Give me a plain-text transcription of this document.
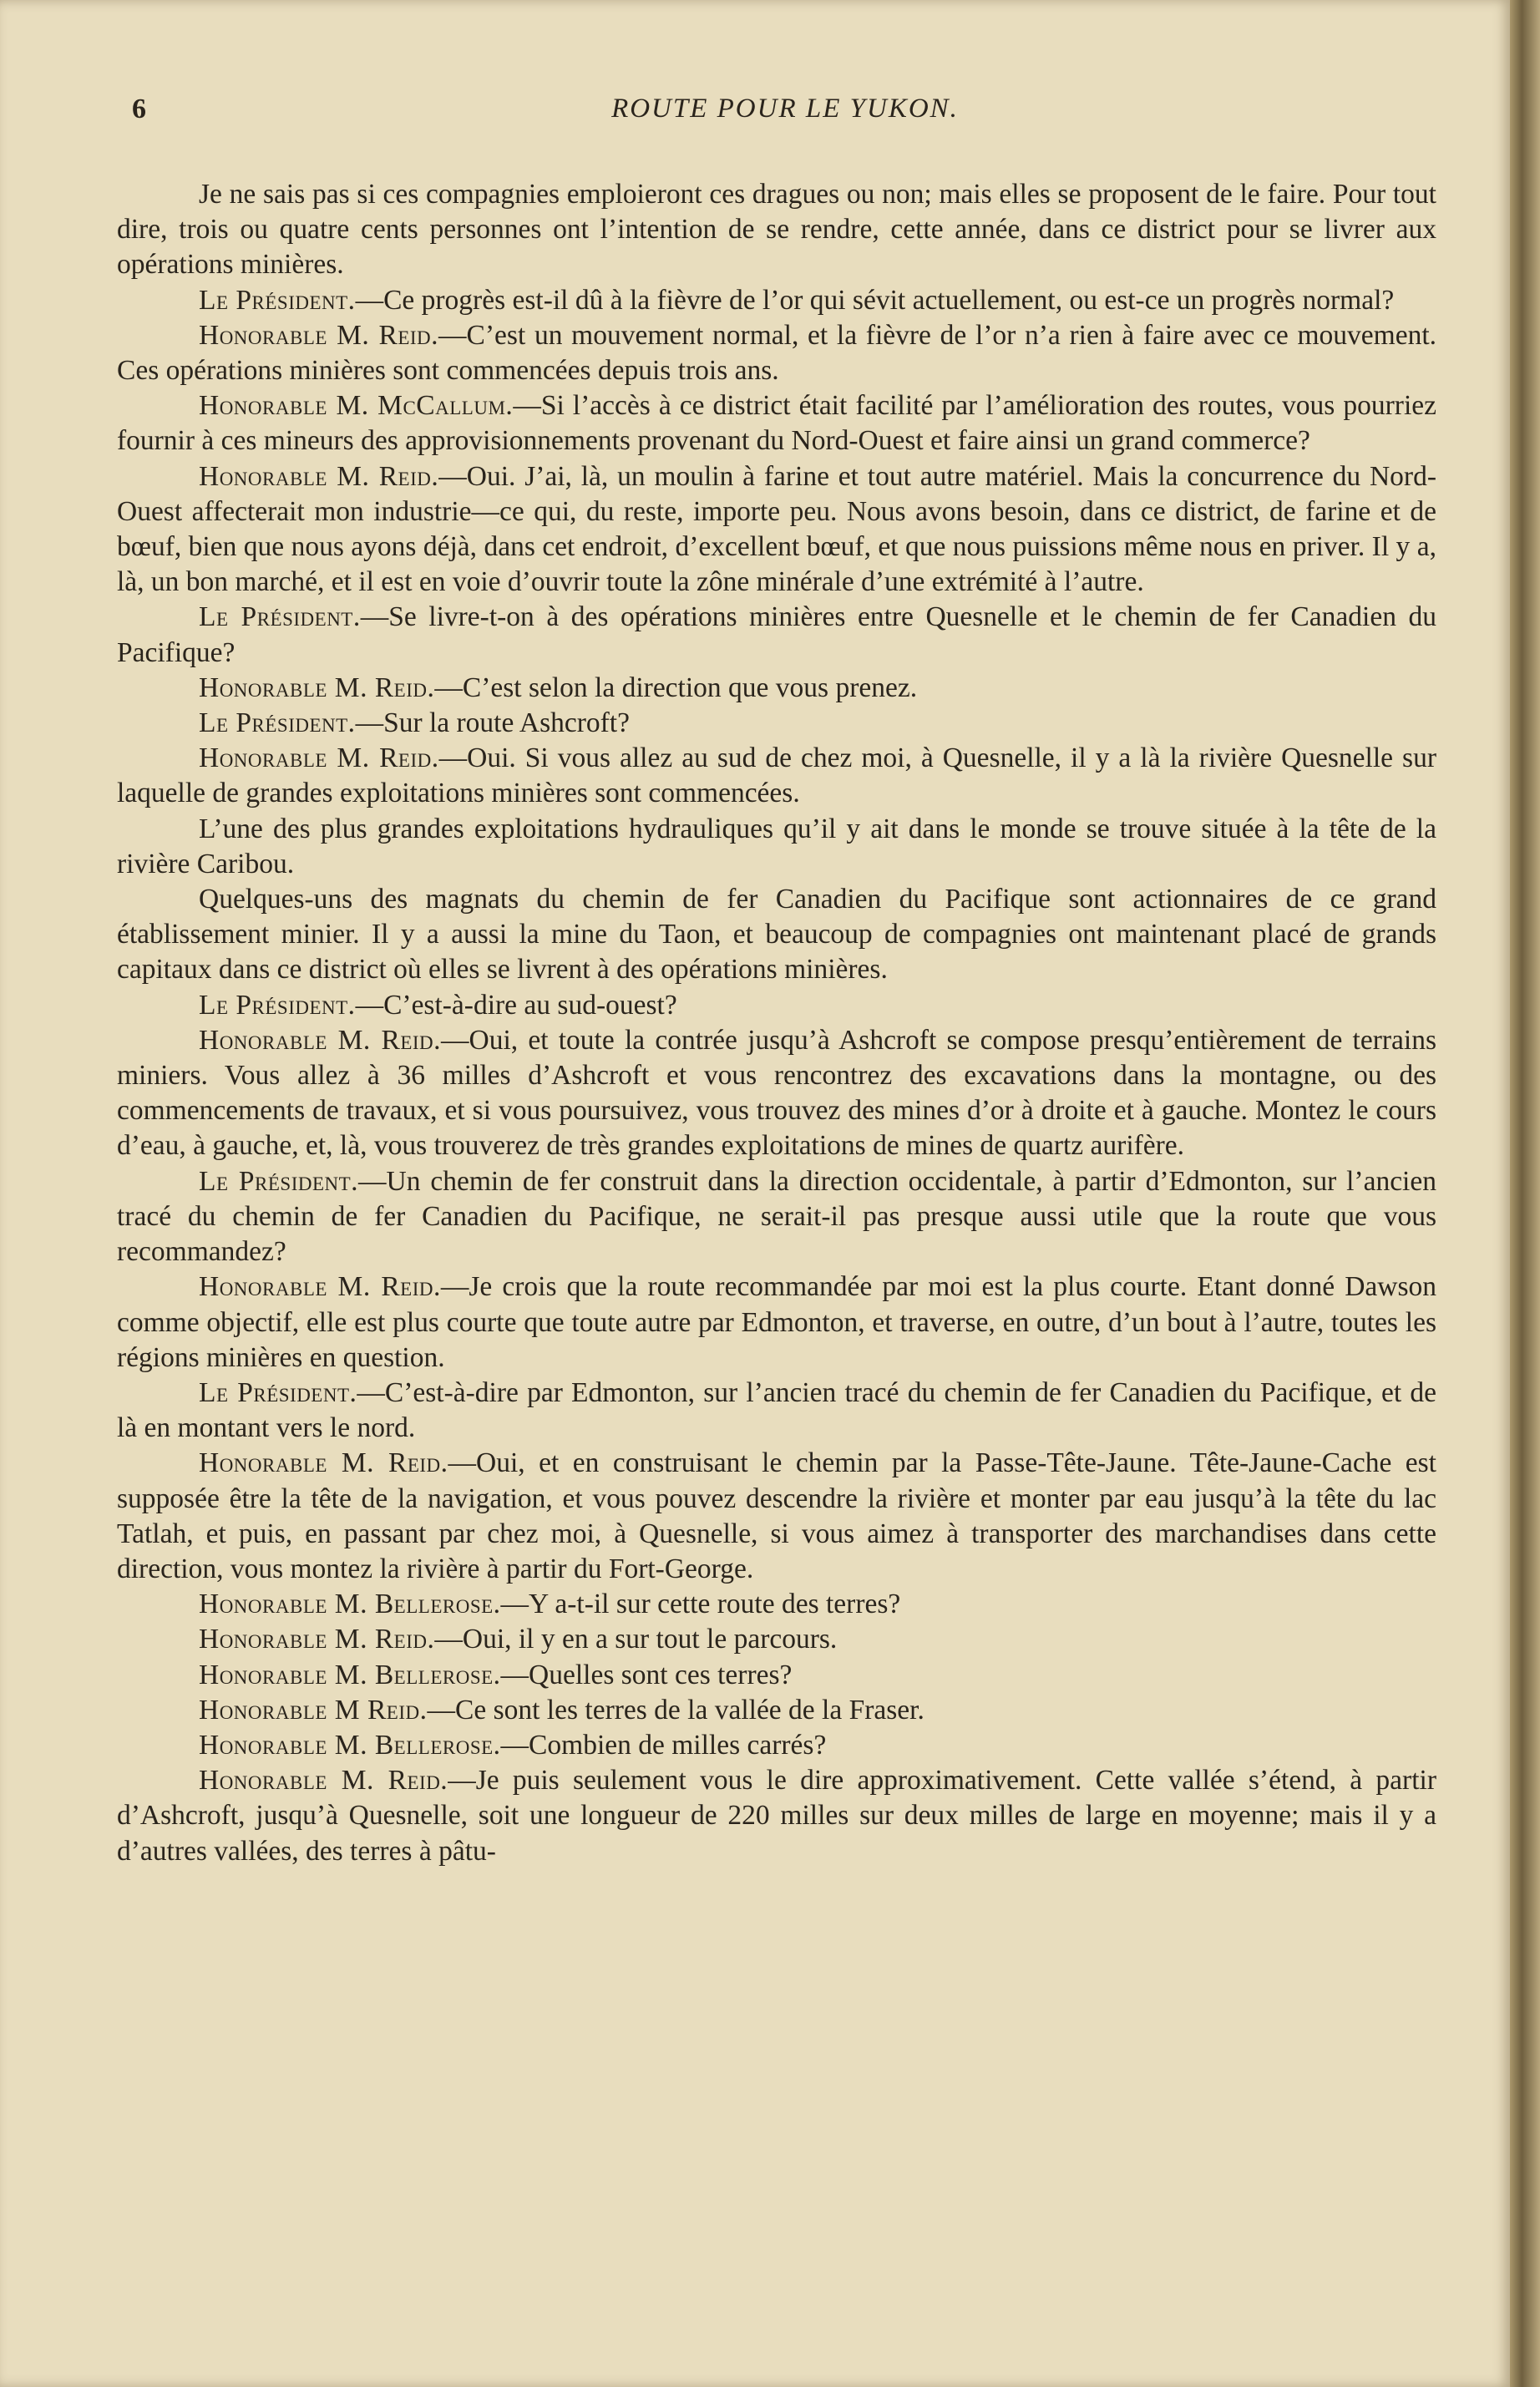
6	ROUTE POUR LE YUKON.

Je ne sais pas si ces compagnies emploieront ces dragues ou non; mais elles se proposent de le faire. Pour tout dire, trois ou quatre cents personnes ont l’intention de se rendre, cette année, dans ce district pour se livrer aux opérations minières.

Le Président.—Ce progrès est-il dû à la fièvre de l’or qui sévit actuellement, ou est-ce un progrès normal?

Honorable M. Reid.—C’est un mouvement normal, et la fièvre de l’or n’a rien à faire avec ce mouvement. Ces opérations minières sont commencées depuis trois ans.

Honorable M. McCallum.—Si l’accès à ce district était facilité par l’amélioration des routes, vous pourriez fournir à ces mineurs des approvisionnements provenant du Nord-Ouest et faire ainsi un grand commerce?

Honorable M. Reid.—Oui. J’ai, là, un moulin à farine et tout autre matériel. Mais la concurrence du Nord-Ouest affecterait mon industrie—ce qui, du reste, importe peu. Nous avons besoin, dans ce district, de farine et de bœuf, bien que nous ayons déjà, dans cet endroit, d’excellent bœuf, et que nous puissions même nous en priver. Il y a, là, un bon marché, et il est en voie d’ouvrir toute la zône minérale d’une extrémité à l’autre.

Le Président.—Se livre-t-on à des opérations minières entre Quesnelle et le chemin de fer Canadien du Pacifique?

Honorable M. Reid.—C’est selon la direction que vous prenez.

Le Président.—Sur la route Ashcroft?

Honorable M. Reid.—Oui. Si vous allez au sud de chez moi, à Quesnelle, il y a là la rivière Quesnelle sur laquelle de grandes exploitations minières sont commencées.

L’une des plus grandes exploitations hydrauliques qu’il y ait dans le monde se trouve située à la tête de la rivière Caribou.

Quelques-uns des magnats du chemin de fer Canadien du Pacifique sont actionnaires de ce grand établissement minier. Il y a aussi la mine du Taon, et beaucoup de compagnies ont maintenant placé de grands capitaux dans ce district où elles se livrent à des opérations minières.

Le Président.—C’est-à-dire au sud-ouest?

Honorable M. Reid.—Oui, et toute la contrée jusqu’à Ashcroft se compose presqu’entièrement de terrains miniers. Vous allez à 36 milles d’Ashcroft et vous rencontrez des excavations dans la montagne, ou des commencements de travaux, et si vous poursuivez, vous trouvez des mines d’or à droite et à gauche. Montez le cours d’eau, à gauche, et, là, vous trouverez de très grandes exploitations de mines de quartz aurifère.

Le Président.—Un chemin de fer construit dans la direction occidentale, à partir d’Edmonton, sur l’ancien tracé du chemin de fer Canadien du Pacifique, ne serait-il pas presque aussi utile que la route que vous recommandez?

Honorable M. Reid.—Je crois que la route recommandée par moi est la plus courte. Etant donné Dawson comme objectif, elle est plus courte que toute autre par Edmonton, et traverse, en outre, d’un bout à l’autre, toutes les régions minières en question.

Le Président.—C’est-à-dire par Edmonton, sur l’ancien tracé du chemin de fer Canadien du Pacifique, et de là en montant vers le nord.

Honorable M. Reid.—Oui, et en construisant le chemin par la Passe-Tête-Jaune. Tête-Jaune-Cache est supposée être la tête de la navigation, et vous pouvez descendre la rivière et monter par eau jusqu’à la tête du lac Tatlah, et puis, en passant par chez moi, à Quesnelle, si vous aimez à transporter des marchandises dans cette direction, vous montez la rivière à partir du Fort-George.

Honorable M. Bellerose.—Y a-t-il sur cette route des terres?

Honorable M. Reid.—Oui, il y en a sur tout le parcours.

Honorable M. Bellerose.—Quelles sont ces terres?

Honorable M Reid.—Ce sont les terres de la vallée de la Fraser.

Honorable M. Bellerose.—Combien de milles carrés?

Honorable M. Reid.—Je puis seulement vous le dire approximativement. Cette vallée s’étend, à partir d’Ashcroft, jusqu’à Quesnelle, soit une longueur de 220 milles sur deux milles de large en moyenne; mais il y a d’autres vallées, des terres à pâtu-
